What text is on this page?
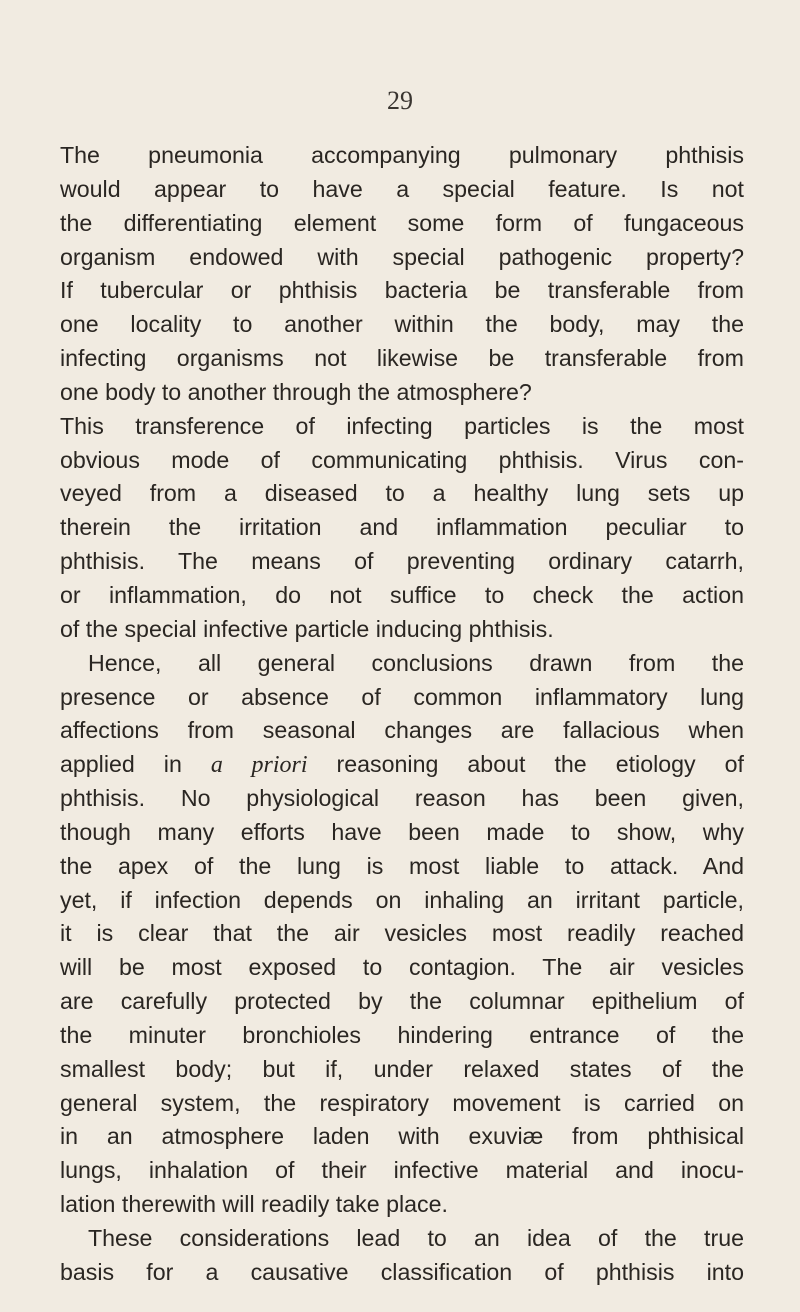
29
The pneumonia accompanying pulmonary phthisis
would appear to have a special feature. Is not
the differentiating element some form of fungaceous
organism endowed with special pathogenic property?
If tubercular or phthisis bacteria be transferable from
one locality to another within the body, may the
infecting organisms not likewise be transferable from
one body to another through the atmosphere?
This transference of infecting particles is the most
obvious mode of communicating phthisis. Virus con-
veyed from a diseased to a healthy lung sets up
therein the irritation and inflammation peculiar to
phthisis. The means of preventing ordinary catarrh,
or inflammation, do not suffice to check the action
of the special infective particle inducing phthisis.
Hence, all general conclusions drawn from the
presence or absence of common inflammatory lung
affections from seasonal changes are fallacious when
applied in a priori reasoning about the etiology of
phthisis. No physiological reason has been given,
though many efforts have been made to show, why
the apex of the lung is most liable to attack. And
yet, if infection depends on inhaling an irritant particle,
it is clear that the air vesicles most readily reached
will be most exposed to contagion. The air vesicles
are carefully protected by the columnar epithelium of
the minuter bronchioles hindering entrance of the
smallest body; but if, under relaxed states of the
general system, the respiratory movement is carried on
in an atmosphere laden with exuviæ from phthisical
lungs, inhalation of their infective material and inocu-
lation therewith will readily take place.
These considerations lead to an idea of the true
basis for a causative classification of phthisis into
